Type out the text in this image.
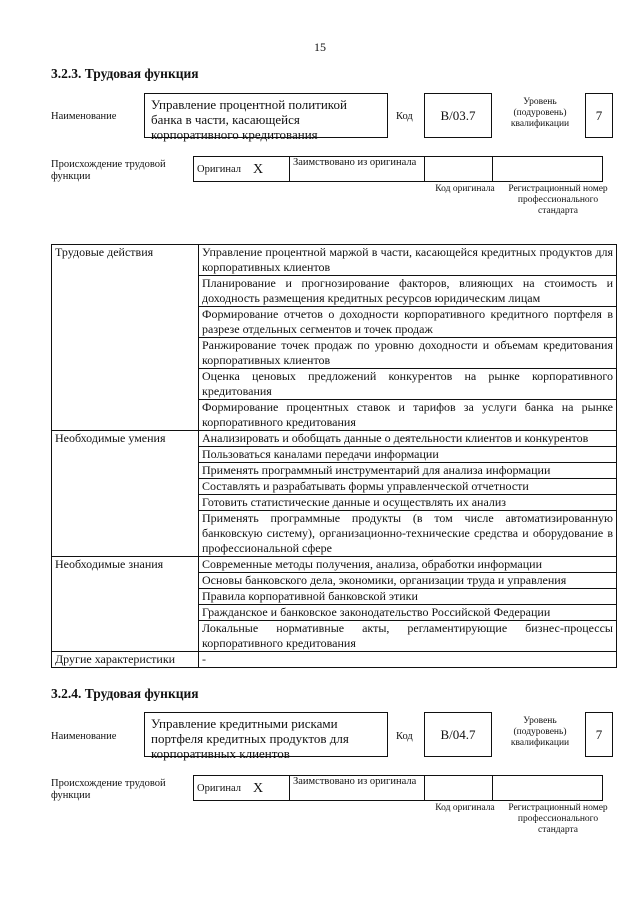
15
3.2.3. Трудовая функция
Наименование
Управление процентной политикой банка в части, касающейся корпоративного кредитования
Код	B/03.7
Уровень (подуровень) квалификации
7
Происхождение трудовой функции
Оригинал	X	Заимствовано из оригинала		
Код оригинала	Регистрационный номер профессионального стандарта
Трудовые действия	Управление процентной маржой в части, касающейся кредитных продуктов для корпоративных клиентов
	Планирование и прогнозирование факторов, влияющих на стоимость и доходность размещения кредитных ресурсов юридическим лицам
	Формирование отчетов о доходности корпоративного кредитного портфеля в разрезе отдельных сегментов и точек продаж
	Ранжирование точек продаж по уровню доходности и объемам кредитования корпоративных клиентов
	Оценка ценовых предложений конкурентов на рынке корпоративного кредитования
	Формирование процентных ставок и тарифов за услуги банка на рынке корпоративного кредитования
Необходимые умения	Анализировать и обобщать данные о деятельности клиентов и конкурентов
	Пользоваться каналами передачи информации
	Применять программный инструментарий для анализа информации
	Составлять и разрабатывать формы управленческой отчетности
	Готовить статистические данные и осуществлять их анализ
	Применять программные продукты (в том числе автоматизированную банковскую систему), организационно-технические средства и оборудование в профессиональной сфере
Необходимые знания	Современные методы получения, анализа, обработки информации
	Основы банковского дела, экономики, организации труда и управления
	Правила корпоративной банковской этики
	Гражданское и банковское законодательство Российской Федерации
	Локальные нормативные акты, регламентирующие бизнес-процессы корпоративного кредитования
Другие характеристики	-
3.2.4. Трудовая функция
Наименование
Управление кредитными рисками портфеля кредитных продуктов для корпоративных клиентов
Код	B/04.7
Уровень (подуровень) квалификации
7
Происхождение трудовой функции
Оригинал	X	Заимствовано из оригинала		
Код оригинала	Регистрационный номер профессионального стандарта
